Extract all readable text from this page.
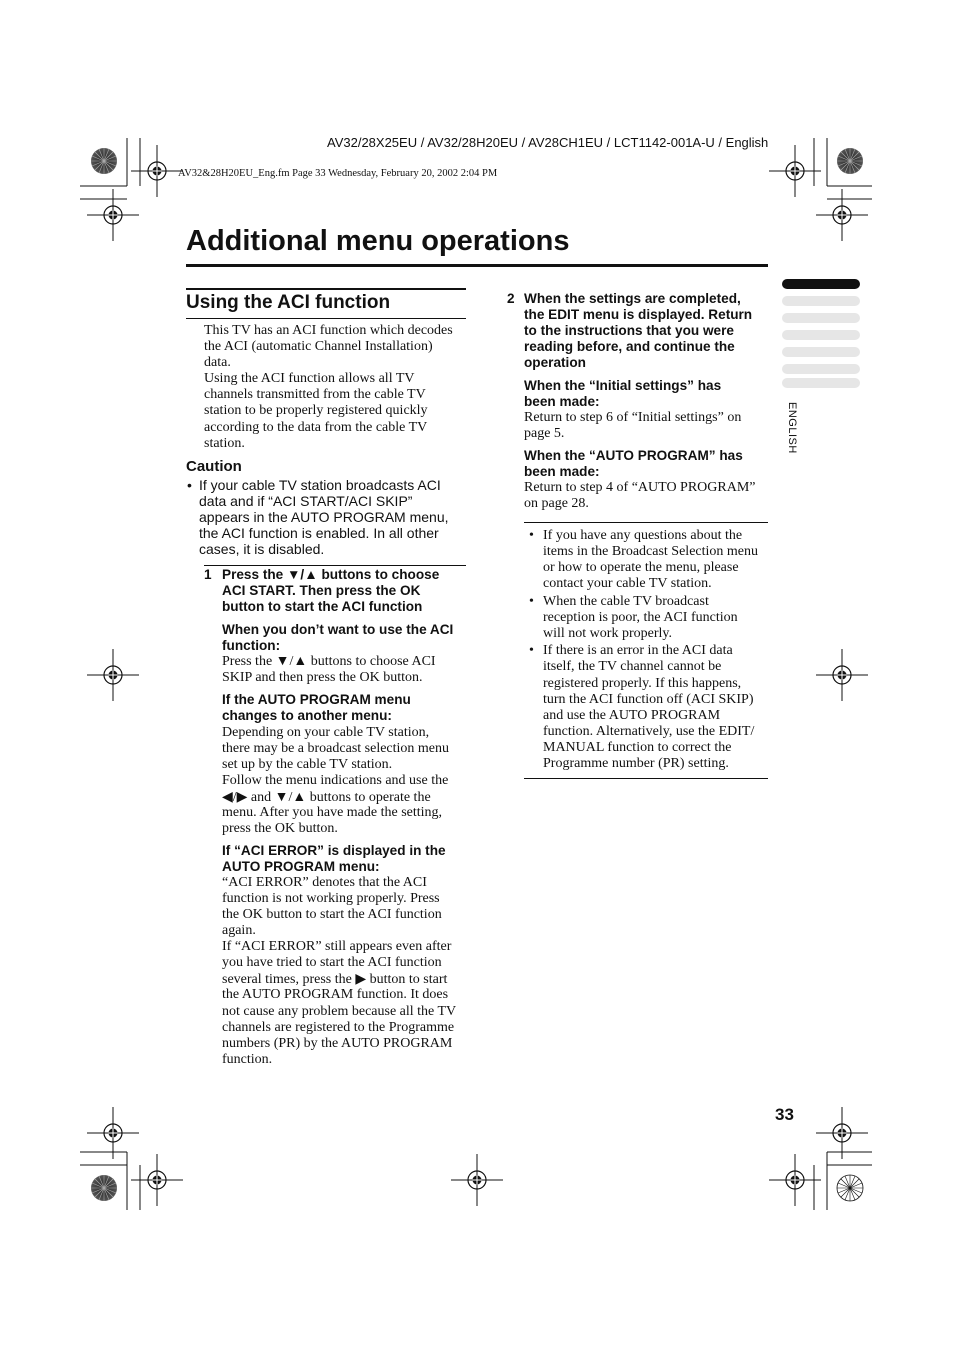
AV32/28X25EU / AV32/28H20EU / AV28CH1EU / LCT1142-001A-U / English
AV32&28H20EU_Eng.fm Page 33 Wednesday, February 20, 2002 2:04 PM
Additional menu operations
ENGLISH
Using the ACI function
This TV has an ACI function which decodes
the ACI (automatic Channel Installation)
data.
Using the ACI function allows all TV
channels transmitted from the cable TV
station to be properly registered quickly
according to the data from the cable TV
station.
Caution
• If your cable TV station broadcasts ACI
data and if “ACI START/ACI SKIP”
appears in the AUTO PROGRAM menu,
the ACI function is enabled. In all other
cases, it is disabled.
1 Press the ▼/▲ buttons to choose
ACI START. Then press the OK
button to start the ACI function
When you don’t want to use the ACI
function:
Press the ▼/▲ buttons to choose ACI
SKIP and then press the OK button.
If the AUTO PROGRAM menu
changes to another menu:
Depending on your cable TV station,
there may be a broadcast selection menu
set up by the cable TV station.
Follow the menu indications and use the
◀/▶ and ▼/▲ buttons to operate the
menu. After you have made the setting,
press the OK button.
If “ACI ERROR” is displayed in the
AUTO PROGRAM menu:
“ACI ERROR” denotes that the ACI
function is not working properly. Press
the OK button to start the ACI function
again.
If “ACI ERROR” still appears even after
you have tried to start the ACI function
several times, press the ▶ button to start
the AUTO PROGRAM function. It does
not cause any problem because all the TV
channels are registered to the Programme
numbers (PR) by the AUTO PROGRAM
function.
2 When the settings are completed,
the EDIT menu is displayed. Return
to the instructions that you were
reading before, and continue the
operation
When the “Initial settings” has
been made:
Return to step 6 of “Initial settings” on
page 5.
When the “AUTO PROGRAM” has
been made:
Return to step 4 of “AUTO PROGRAM”
on page 28.
• If you have any questions about the
items in the Broadcast Selection menu
or how to operate the menu, please
contact your cable TV station.
• When the cable TV broadcast
reception is poor, the ACI function
will not work properly.
• If there is an error in the ACI data
itself, the TV channel cannot be
registered properly. If this happens,
turn the ACI function off (ACI SKIP)
and use the AUTO PROGRAM
function. Alternatively, use the EDIT/
MANUAL function to correct the
Programme number (PR) setting.
33
